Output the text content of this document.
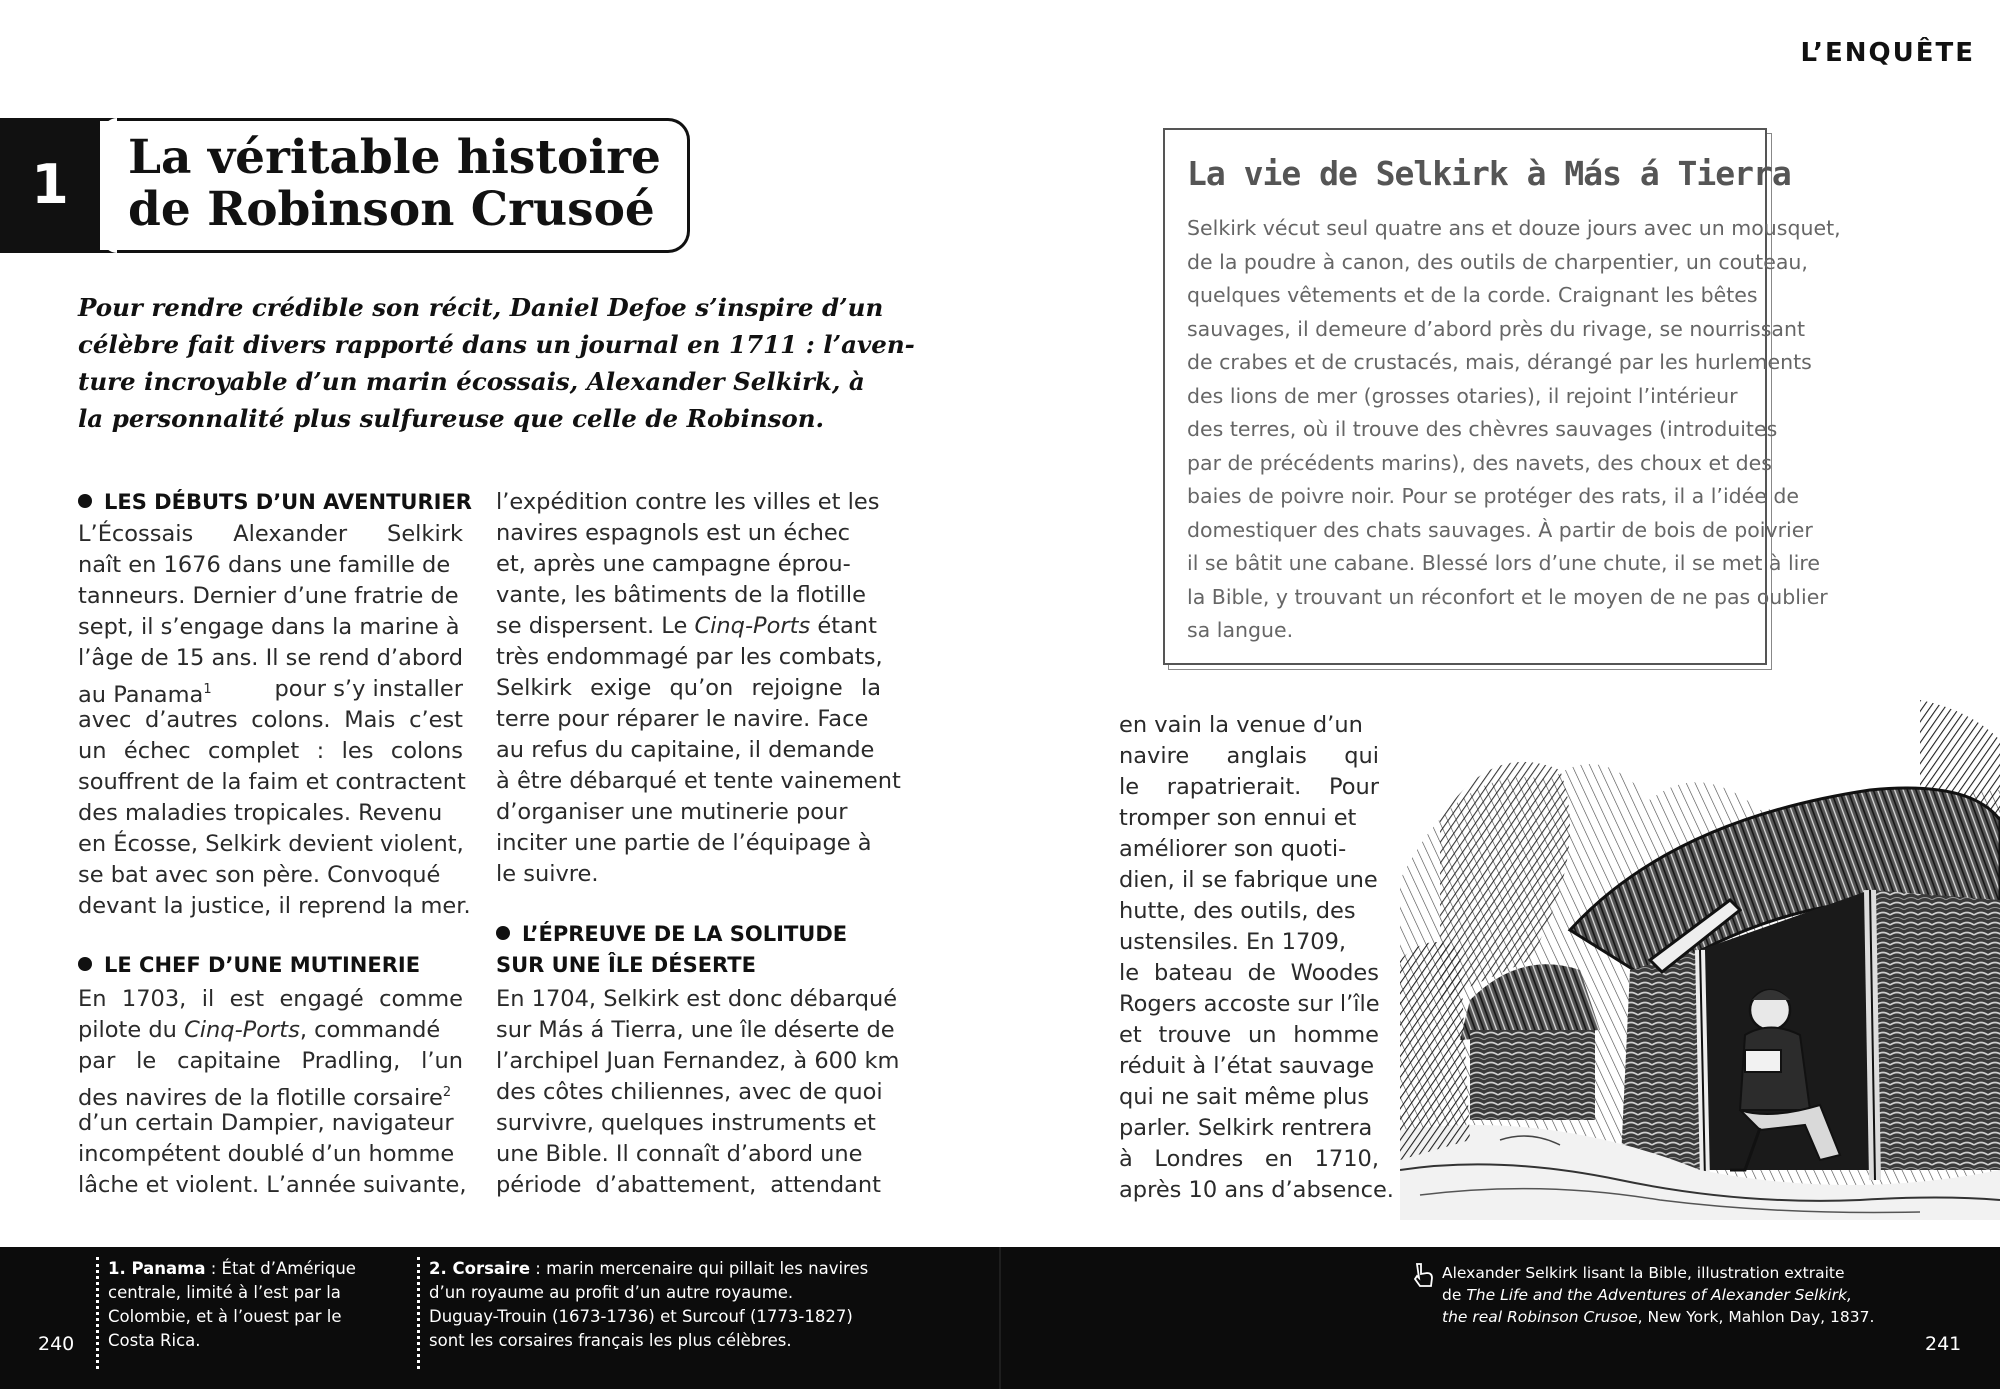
L’ENQUÊTE
1	La véritable histoire
de Robinson Crusoé
Pour rendre crédible son récit, Daniel Defoe s’inspire d’un
célèbre fait divers rapporté dans un journal en 1711 : l’aven-
ture incroyable d’un marin écossais, Alexander Selkirk, à
la personnalité plus sulfureuse que celle de Robinson.
LES DÉBUTS D’UN AVENTURIER
L’Écossais Alexander Selkirk
naît en 1676 dans une famille de
tanneurs. Dernier d’une fratrie de
sept, il s’engage dans la marine à
l’âge de 15 ans. Il se rend d’abord
au Panama$^1$	pour s’y installer
avec d’autres colons. Mais c’est
un échec complet : les colons
souffrent de la faim et contractent
des maladies tropicales. Revenu
en Écosse, Selkirk devient violent,
se bat avec son père. Convoqué
devant la justice, il reprend la mer.
LE CHEF D’UNE MUTINERIE
En 1703, il est engagé comme
pilote du Cinq-Ports, commandé
par le capitaine Pradling, l’un
des navires de la flotille corsaire$^2$
d’un certain Dampier, navigateur
incompétent doublé d’un homme
lâche et violent. L’année suivante,
l’expédition contre les villes et les
navires espagnols est un échec
et, après une campagne éprou-
vante, les bâtiments de la flotille
se dispersent. Le Cinq-Ports étant
très endommagé par les combats,
Selkirk exige qu’on rejoigne la
terre pour réparer le navire. Face
au refus du capitaine, il demande
à être débarqué et tente vainement
d’organiser une mutinerie pour
inciter une partie de l’équipage à
le suivre.
L’ÉPREUVE DE LA SOLITUDE
SUR UNE ÎLE DÉSERTE
En 1704, Selkirk est donc débarqué
sur Más á Tierra, une île déserte de
l’archipel Juan Fernandez, à 600 km
des côtes chiliennes, avec de quoi
survivre, quelques instruments et
une Bible. Il connaît d’abord une
période d’abattement, attendant
en vain la venue d’un
navire anglais qui
le rapatrierait. Pour
tromper son ennui et
améliorer son quoti-
dien, il se fabrique une
hutte, des outils, des
ustensiles. En 1709,
le bateau de Woodes
Rogers accoste sur l’île
et trouve un homme
réduit à l’état sauvage
qui ne sait même plus
parler. Selkirk rentrera
à Londres en 1710,
après 10 ans d’absence.
La vie de Selkirk à Más á Tierra
Selkirk vécut seul quatre ans et douze jours avec un mousquet,
de la poudre à canon, des outils de charpentier, un couteau,
quelques vêtements et de la corde. Craignant les bêtes
sauvages, il demeure d’abord près du rivage, se nourrissant
de crabes et de crustacés, mais, dérangé par les hurlements
des lions de mer (grosses otaries), il rejoint l’intérieur
des terres, où il trouve des chèvres sauvages (introduites
par de précédents marins), des navets, des choux et des
baies de poivre noir. Pour se protéger des rats, il a l’idée de
domestiquer des chats sauvages. À partir de bois de poivrier
il se bâtit une cabane. Blessé lors d’une chute, il se met à lire
la Bible, y trouvant un réconfort et le moyen de ne pas oublier
sa langue.
240	241
1. Panama : État d’Amérique
centrale, limité à l’est par la
Colombie, et à l’ouest par le
Costa Rica.
2. Corsaire : marin mercenaire qui pillait les navires
d’un royaume au profit d’un autre royaume.
Duguay-Trouin (1673-1736) et Surcouf (1773-1827)
sont les corsaires français les plus célèbres.
Alexander Selkirk lisant la Bible, illustration extraite
de The Life and the Adventures of Alexander Selkirk,
the real Robinson Crusoe, New York, Mahlon Day, 1837.
